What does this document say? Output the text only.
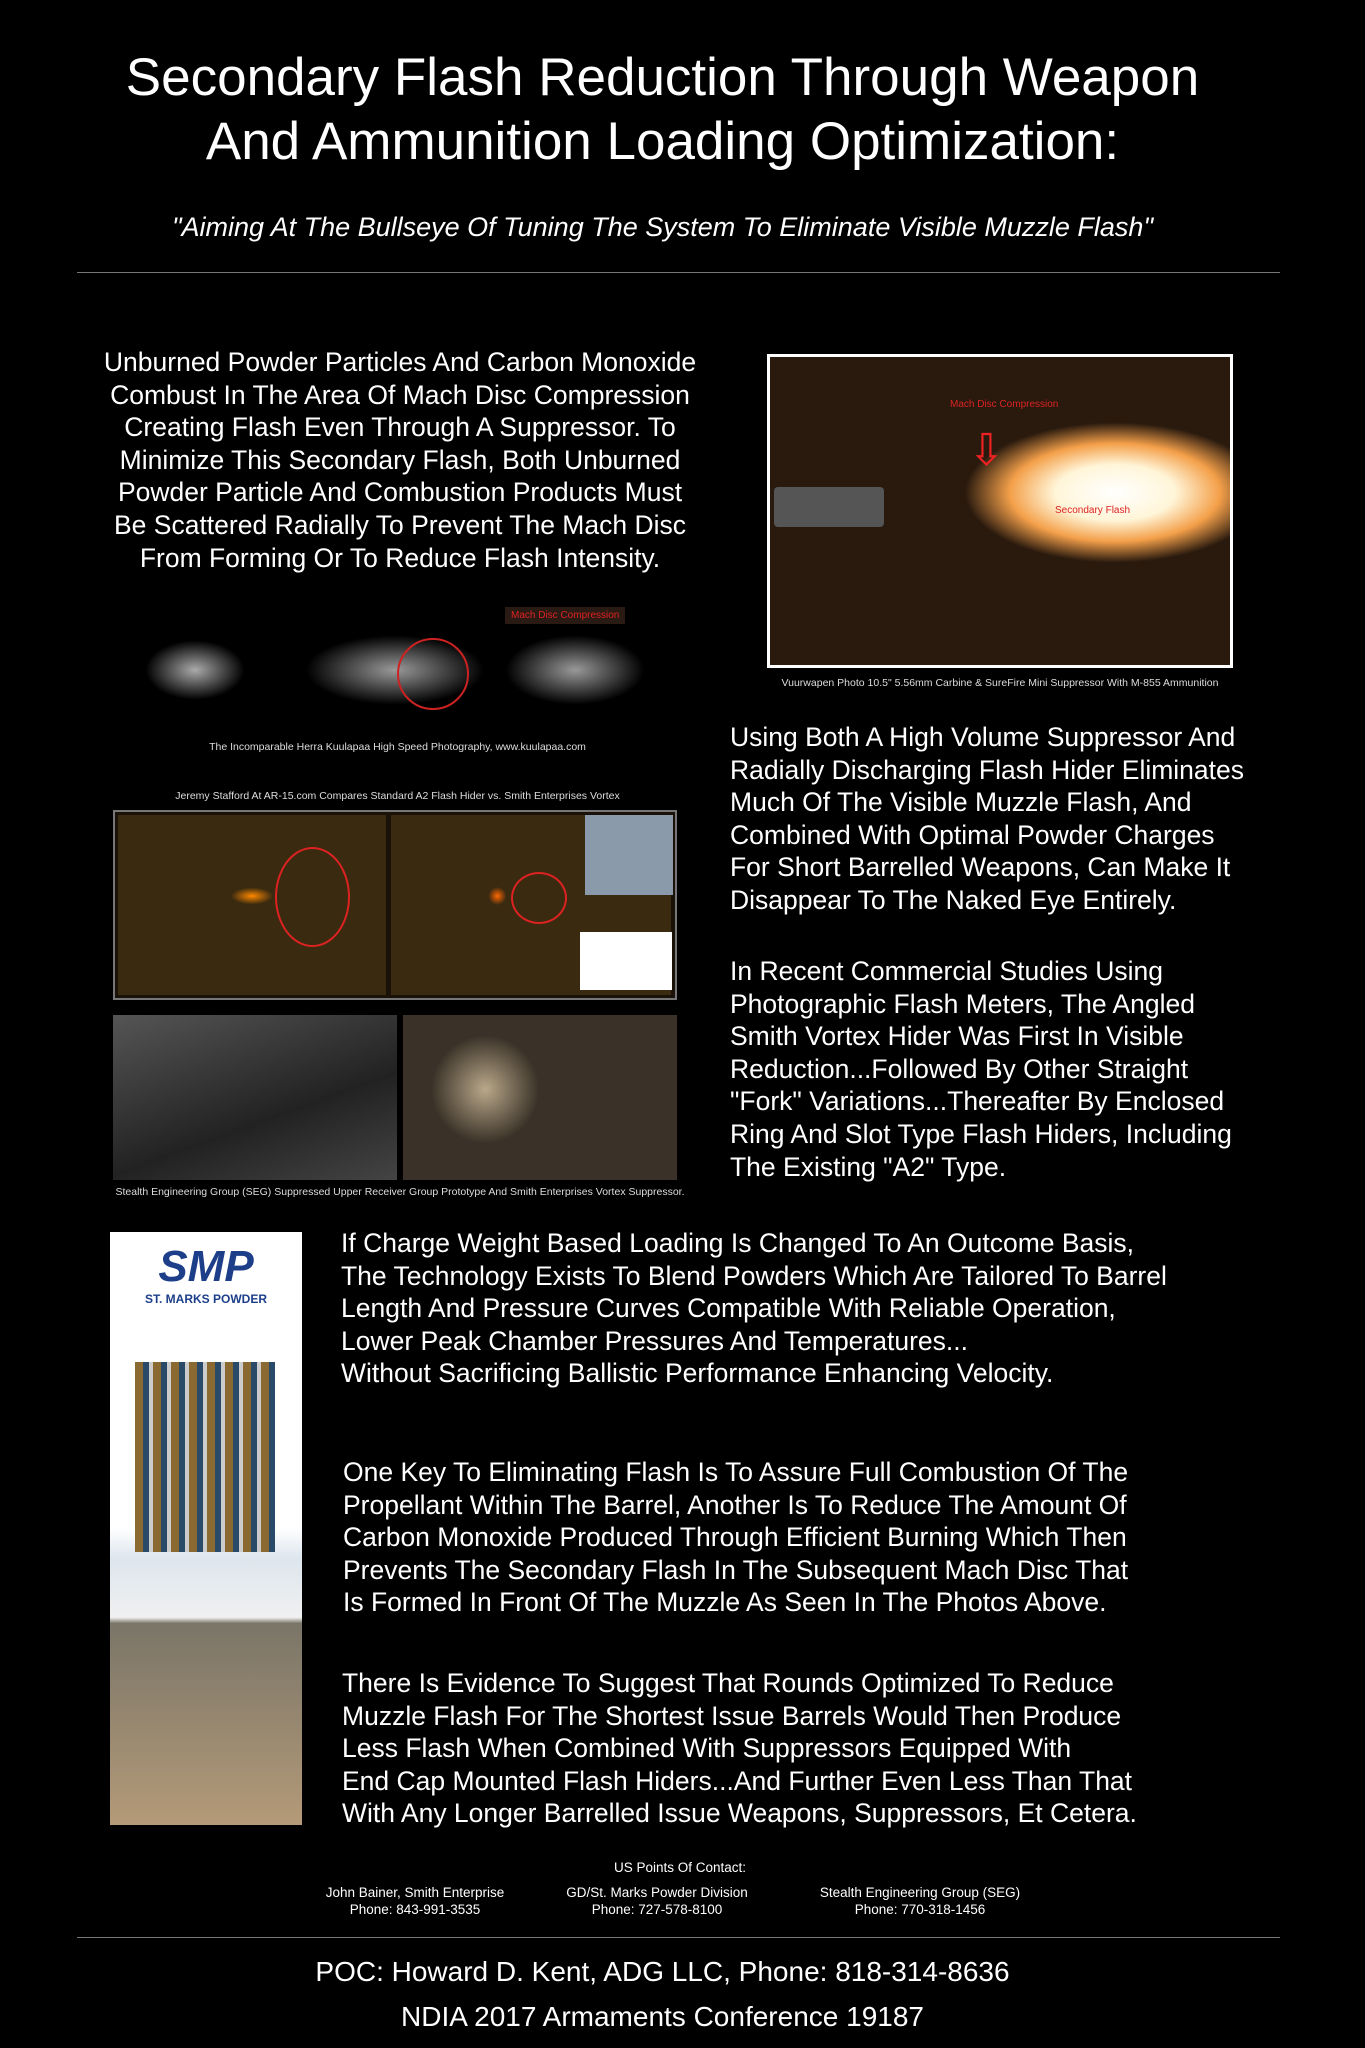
Secondary Flash Reduction Through Weapon
And Ammunition Loading Optimization:
"Aiming At The Bullseye Of Tuning The System To Eliminate Visible Muzzle Flash"
Unburned Powder Particles And Carbon Monoxide
Combust In The Area Of Mach Disc Compression
Creating Flash Even Through A Suppressor. To
Minimize This Secondary Flash, Both Unburned
Powder Particle And Combustion Products Must
Be Scattered Radially To Prevent The Mach Disc
From Forming Or To Reduce Flash Intensity.
Mach Disc Compression
⇩
Secondary Flash
Vuurwapen Photo 10.5" 5.56mm Carbine & SureFire Mini Suppressor With M-855 Ammunition
Mach Disc Compression
The Incomparable Herra Kuulapaa High Speed Photography, www.kuulapaa.com
Jeremy Stafford At AR-15.com Compares Standard A2 Flash Hider vs. Smith Enterprises Vortex
Stealth Engineering Group (SEG) Suppressed Upper Receiver Group Prototype And Smith Enterprises Vortex Suppressor.
Using Both A High Volume Suppressor And
Radially Discharging Flash Hider Eliminates
Much Of The Visible Muzzle Flash, And
Combined With Optimal Powder Charges
For Short Barrelled Weapons, Can Make It
Disappear To The Naked Eye Entirely.
In Recent Commercial Studies Using
Photographic Flash Meters, The Angled
Smith Vortex Hider Was First In Visible
Reduction...Followed By Other Straight
"Fork" Variations...Thereafter By Enclosed
Ring And Slot Type Flash Hiders, Including
The Existing "A2" Type.
SMP
ST. MARKS POWDER
If Charge Weight Based Loading Is Changed To An Outcome Basis,
The Technology Exists To Blend Powders Which Are Tailored To Barrel
Length And Pressure Curves Compatible With Reliable Operation,
Lower Peak Chamber Pressures And Temperatures...
Without Sacrificing Ballistic Performance Enhancing Velocity.
One Key To Eliminating Flash Is To Assure Full Combustion Of The
Propellant Within The Barrel, Another Is To Reduce The Amount Of
Carbon Monoxide Produced Through Efficient Burning Which Then
Prevents The Secondary Flash In The Subsequent Mach Disc That
Is Formed In Front Of The Muzzle As Seen In The Photos Above.
There Is Evidence To Suggest That Rounds Optimized To Reduce
Muzzle Flash For The Shortest Issue Barrels Would Then Produce
Less Flash When Combined With Suppressors Equipped With
End Cap Mounted Flash Hiders...And Further Even Less Than That
With Any Longer Barrelled Issue Weapons, Suppressors, Et Cetera.
US Points Of Contact:
John Bainer, Smith Enterprise
Phone: 843-991-3535
GD/St. Marks Powder Division
Phone: 727-578-8100
Stealth Engineering Group (SEG)
Phone: 770-318-1456
POC: Howard D. Kent, ADG LLC, Phone: 818-314-8636
NDIA 2017 Armaments Conference 19187
